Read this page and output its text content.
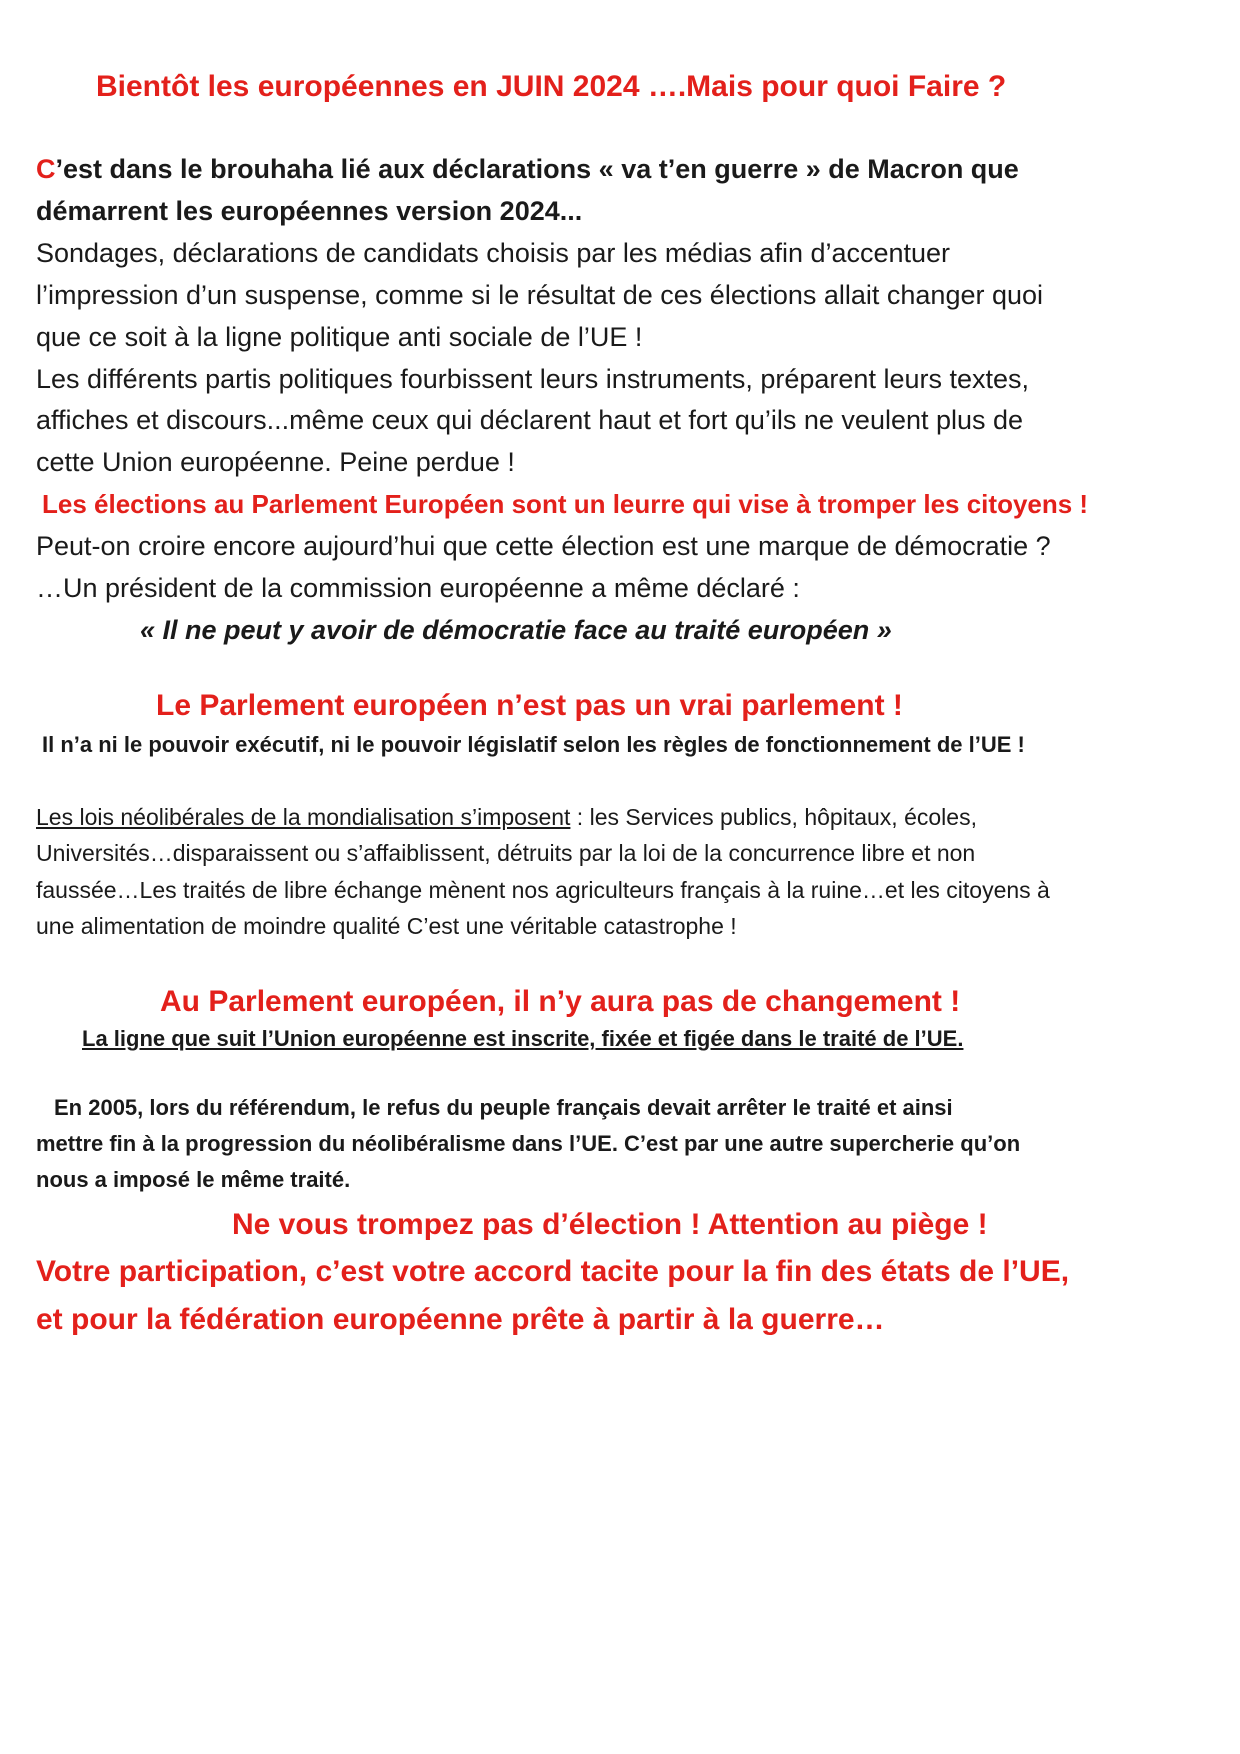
Bientôt les européennes en JUIN 2024 ….Mais pour quoi Faire ?

C’est dans le brouhaha lié aux déclarations « va t’en guerre » de Macron que

démarrent les européennes version 2024...

Sondages, déclarations de candidats choisis par les médias afin d’accentuer

l’impression d’un suspense, comme si le résultat de ces élections allait changer quoi

que ce soit à la ligne politique anti sociale de l’UE !

Les différents partis politiques fourbissent leurs instruments, préparent leurs textes,

affiches et discours...même ceux qui déclarent haut et fort qu’ils ne veulent plus de

cette Union européenne. Peine perdue !

Les élections au Parlement Européen sont un leurre qui vise à tromper les citoyens !

Peut-on croire encore aujourd’hui que cette élection est une marque de démocratie ?

…Un président de la commission européenne a même déclaré :

« Il ne peut y avoir de démocratie face au traité européen »

Le Parlement européen n’est pas un vrai parlement !

Il n’a ni le pouvoir exécutif, ni le pouvoir législatif selon les règles de fonctionnement de l’UE !

Les lois néolibérales de la mondialisation s’imposent : les Services publics, hôpitaux, écoles,

Universités…disparaissent ou s’affaiblissent, détruits par la loi de la concurrence libre et non

faussée…Les traités de libre échange mènent nos agriculteurs français à la ruine…et les citoyens à

une alimentation de moindre qualité C’est une véritable catastrophe !

Au Parlement européen, il n’y aura pas de changement !

La ligne que suit l’Union européenne est inscrite, fixée et figée dans le traité de l’UE.

En 2005, lors du référendum, le refus du peuple français devait arrêter le traité et ainsi

mettre fin à la progression du néolibéralisme dans l’UE. C’est par une autre supercherie qu’on

nous a imposé le même traité.

Ne vous trompez pas d’élection ! Attention au piège !

Votre participation, c’est votre accord tacite pour la fin des états de l’UE,

et pour la fédération européenne prête à partir à la guerre…
